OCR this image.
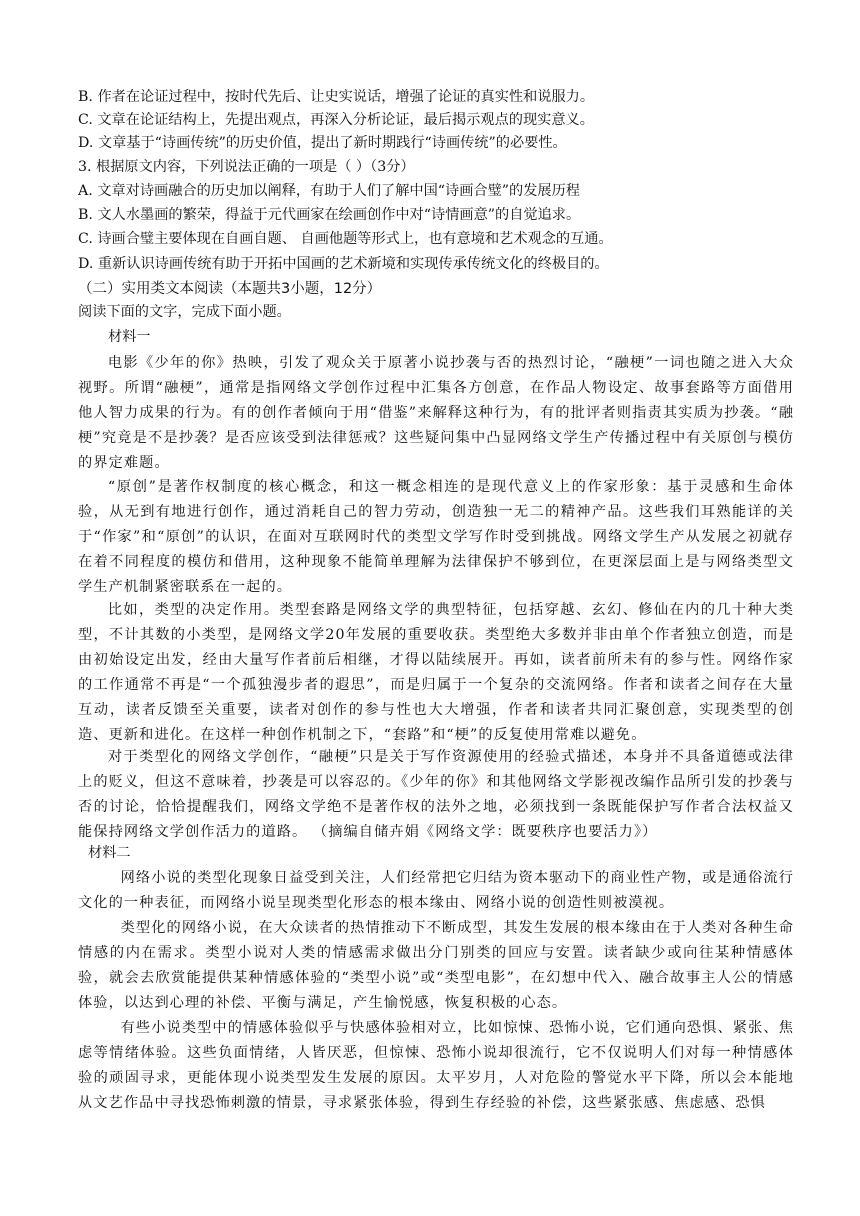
B. 作者在论证过程中，按时代先后、让史实说话，增强了论证的真实性和说服力。
C. 文章在论证结构上，先提出观点，再深入分析论证，最后揭示观点的现实意义。
D. 文章基于“诗画传统”的历史价值，提出了新时期践行“诗画传统”的必要性。
3. 根据原文内容，下列说法正确的一项是（ ）（3分）
A. 文章对诗画融合的历史加以阐释，有助于人们了解中国“诗画合璧”的发展历程
B. 文人水墨画的繁荣，得益于元代画家在绘画创作中对“诗情画意”的自觉追求。
C. 诗画合璧主要体现在自画自题、 自画他题等形式上，也有意境和艺术观念的互通。
D. 重新认识诗画传统有助于开拓中国画的艺术新境和实现传承传统文化的终极目的。
（二）实用类文本阅读（本题共3小题，12分）
阅读下面的文字，完成下面小题。
材料一
电影《少年的你》热映，引发了观众关于原著小说抄袭与否的热烈讨论，“融梗”一词也随之进入大众视野。所谓“融梗”，通常是指网络文学创作过程中汇集各方创意，在作品人物设定、故事套路等方面借用他人智力成果的行为。有的创作者倾向于用“借鉴”来解释这种行为，有的批评者则指责其实质为抄袭。“融梗”究竟是不是抄袭？是否应该受到法律惩戒？这些疑问集中凸显网络文学生产传播过程中有关原创与模仿的界定难题。
“原创”是著作权制度的核心概念，和这一概念相连的是现代意义上的作家形象：基于灵感和生命体验，从无到有地进行创作，通过消耗自己的智力劳动，创造独一无二的精神产品。这些我们耳熟能详的关于“作家”和“原创”的认识，在面对互联网时代的类型文学写作时受到挑战。网络文学生产从发展之初就存在着不同程度的模仿和借用，这种现象不能简单理解为法律保护不够到位，在更深层面上是与网络类型文学生产机制紧密联系在一起的。
比如，类型的决定作用。类型套路是网络文学的典型特征，包括穿越、玄幻、修仙在内的几十种大类型，不计其数的小类型，是网络文学20年发展的重要收获。类型绝大多数并非由单个作者独立创造，而是由初始设定出发，经由大量写作者前后相继，才得以陆续展开。再如，读者前所未有的参与性。网络作家的工作通常不再是“一个孤独漫步者的遐思”，而是归属于一个复杂的交流网络。作者和读者之间存在大量互动，读者反馈至关重要，读者对创作的参与性也大大增强，作者和读者共同汇聚创意，实现类型的创造、更新和进化。在这样一种创作机制之下，“套路”和“梗”的反复使用常难以避免。
对于类型化的网络文学创作，“融梗”只是关于写作资源使用的经验式描述，本身并不具备道德或法律上的贬义，但这不意味着，抄袭是可以容忍的。《少年的你》和其他网络文学影视改编作品所引发的抄袭与否的讨论，恰恰提醒我们，网络文学绝不是著作权的法外之地，必须找到一条既能保护写作者合法权益又能保持网络文学创作活力的道路。 （摘编自储卉娟《网络文学：既要秩序也要活力》）
材料二
网络小说的类型化现象日益受到关注，人们经常把它归结为资本驱动下的商业性产物，或是通俗流行文化的一种表征，而网络小说呈现类型化形态的根本缘由、网络小说的创造性则被漠视。
类型化的网络小说，在大众读者的热情推动下不断成型，其发生发展的根本缘由在于人类对各种生命情感的内在需求。类型小说对人类的情感需求做出分门别类的回应与安置。读者缺少或向往某种情感体验，就会去欣赏能提供某种情感体验的“类型小说”或“类型电影”，在幻想中代入、融合故事主人公的情感体验，以达到心理的补偿、平衡与满足，产生愉悦感，恢复积极的心态。
有些小说类型中的情感体验似乎与快感体验相对立，比如惊悚、恐怖小说，它们通向恐惧、紧张、焦虑等情绪体验。这些负面情绪，人皆厌恶，但惊悚、恐怖小说却很流行，它不仅说明人们对每一种情感体验的顽固寻求，更能体现小说类型发生发展的原因。太平岁月，人对危险的警觉水平下降，所以会本能地从文艺作品中寻找恐怖刺激的情景，寻求紧张体验，得到生存经验的补偿，这些紧张感、焦虑感、恐惧
